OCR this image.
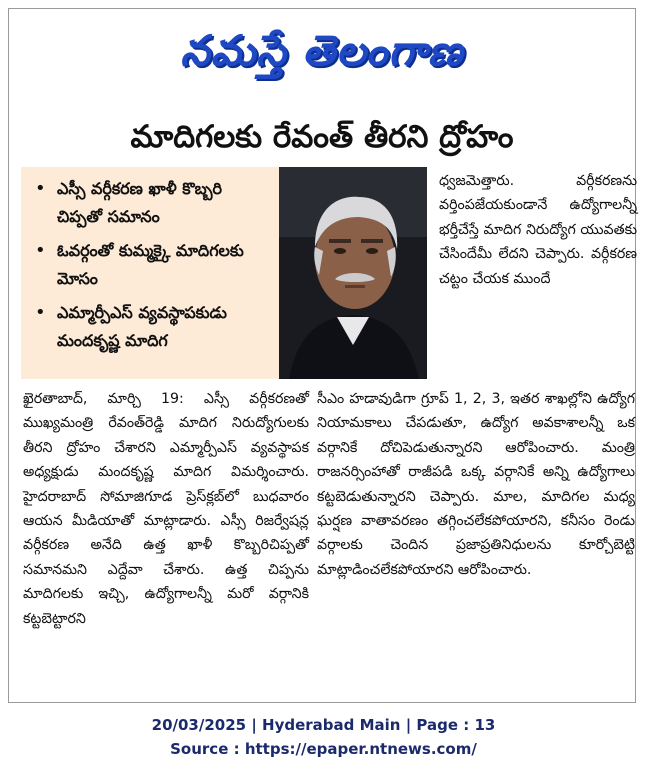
నమస్తే తెలంగాణ
మాదిగలకు రేవంత్ తీరని ద్రోహం
• ఎస్సీ వర్గీకరణ ఖాళీ కొబ్బరి చిప్పతో సమానం
• ఓవర్గంతో కుమ్మక్కై మాదిగలకు మోసం
• ఎమ్మార్పీఎస్ వ్యవస్థాపకుడు మందకృష్ణ మాదిగ

ధ్వజమెత్తారు. వర్గీకరణను వర్తింపజేయకుండానే ఉద్యోగాలన్నీ భర్తీచేస్తే మాదిగ నిరుద్యోగ యువతకు చేసిందేమీ లేదని చెప్పారు. వర్గీకరణ చట్టం చేయక ముందే

ఖైరతాబాద్, మార్చి 19: ఎస్సీ వర్గీకరణతో ముఖ్యమంత్రి రేవంత్‌రెడ్డి మాదిగ నిరుద్యోగులకు తీరని ద్రోహం చేశారని ఎమ్మార్పీఎస్ వ్యవస్థాపక అధ్యక్షుడు మందకృష్ణ మాదిగ విమర్శించారు. హైదరాబాద్ సోమాజిగూడ ప్రెస్‌క్లబ్‌లో బుధవారం ఆయన మీడియాతో మాట్లాడారు. ఎస్సీ రిజర్వేషన్ల వర్గీకరణ అనేది ఉత్త ఖాళీ కొబ్బరిచిప్పతో సమానమని ఎద్దేవా చేశారు. ఉత్త చిప్పను మాదిగలకు ఇచ్చి, ఉద్యోగాలన్నీ మరో వర్గానికి కట్టబెట్టారని

సీఎం హడావుడిగా గ్రూప్ 1, 2, 3, ఇతర శాఖల్లోని ఉద్యోగ నియామకాలు చేపడుతూ, ఉద్యోగ అవకాశాలన్నీ ఒక వర్గానికే దోచిపెడుతున్నారని ఆరోపించారు. మంత్రి రాజనర్సింహాతో రాజీపడి ఒక్క వర్గానికే అన్ని ఉద్యోగాలు కట్టబెడుతున్నారని చెప్పారు. మాల, మాదిగల మధ్య ఘర్షణ వాతావరణం తగ్గించలేకపోయారని, కనీసం రెండు వర్గాలకు చెందిన ప్రజాప్రతినిధులను కూర్చోబెట్టి మాట్లాడించలేకపోయారని ఆరోపించారు.

20/03/2025 | Hyderabad Main | Page : 13
Source : https://epaper.ntnews.com/
